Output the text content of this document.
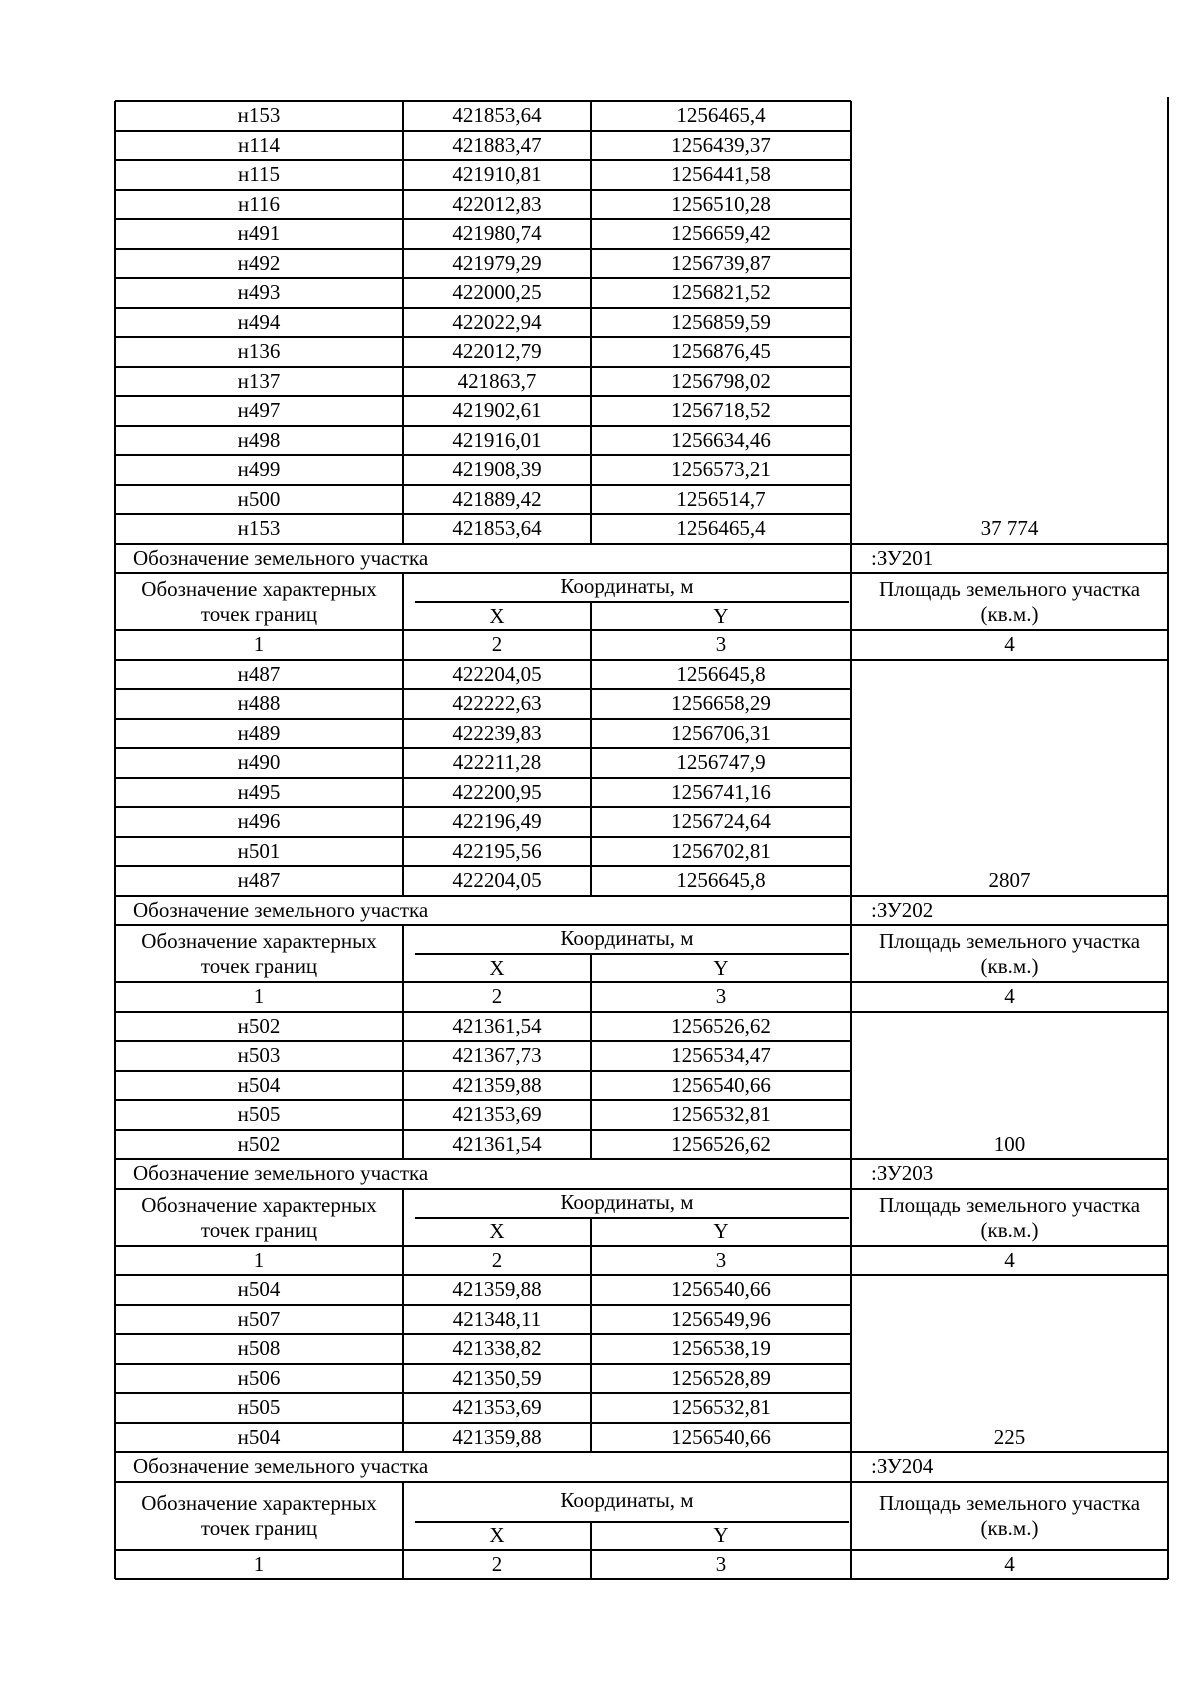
н153	421853,64	1256465,4
н114	421883,47	1256439,37
н115	421910,81	1256441,58
н116	422012,83	1256510,28
н491	421980,74	1256659,42
н492	421979,29	1256739,87
н493	422000,25	1256821,52
н494	422022,94	1256859,59
н136	422012,79	1256876,45
н137	421863,7	1256798,02
н497	421902,61	1256718,52
н498	421916,01	1256634,46
н499	421908,39	1256573,21
н500	421889,42	1256514,7
н153	421853,64	1256465,4	37 774
Обозначение земельного участка	:ЗУ201
Обозначение характерных
точек границ
Координаты, м
X	Y
Площадь земельного участка
(кв.м.)
1	2	3	4
н487	422204,05	1256645,8
н488	422222,63	1256658,29
н489	422239,83	1256706,31
н490	422211,28	1256747,9
н495	422200,95	1256741,16
н496	422196,49	1256724,64
н501	422195,56	1256702,81
н487	422204,05	1256645,8	2807
Обозначение земельного участка	:ЗУ202
Обозначение характерных
точек границ
Координаты, м
X	Y
Площадь земельного участка
(кв.м.)
1	2	3	4
н502	421361,54	1256526,62
н503	421367,73	1256534,47
н504	421359,88	1256540,66
н505	421353,69	1256532,81
н502	421361,54	1256526,62	100
Обозначение земельного участка	:ЗУ203
Обозначение характерных
точек границ
Координаты, м
X	Y
Площадь земельного участка
(кв.м.)
1	2	3	4
н504	421359,88	1256540,66
н507	421348,11	1256549,96
н508	421338,82	1256538,19
н506	421350,59	1256528,89
н505	421353,69	1256532,81
н504	421359,88	1256540,66	225
Обозначение земельного участка	:ЗУ204
Обозначение характерных
точек границ
Координаты, м
X	Y
Площадь земельного участка
(кв.м.)
1	2	3	4
